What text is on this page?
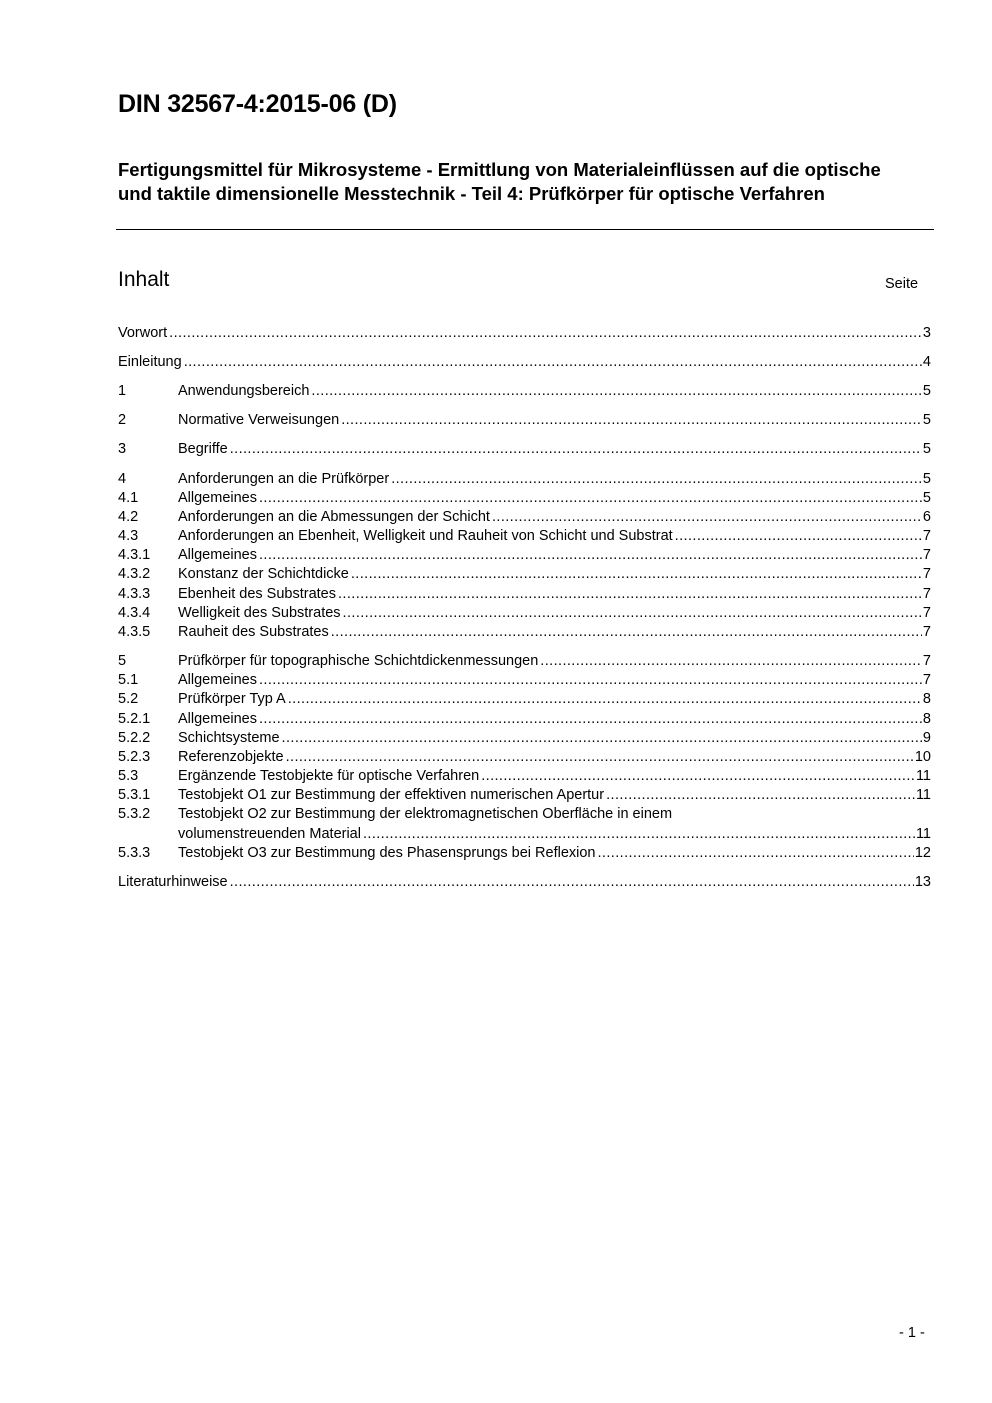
DIN 32567-4:2015-06 (D)
Fertigungsmittel für Mikrosysteme - Ermittlung von Materialeinflüssen auf die optische und taktile dimensionelle Messtechnik - Teil 4: Prüfkörper für optische Verfahren
Inhalt	Seite
Vorwort .....	3
Einleitung .....	4
1	Anwendungsbereich .....	5
2	Normative Verweisungen .....	5
3	Begriffe .....	5
4	Anforderungen an die Prüfkörper .....	5
4.1	Allgemeines .....	5
4.2	Anforderungen an die Abmessungen der Schicht .....	6
4.3	Anforderungen an Ebenheit, Welligkeit und Rauheit von Schicht und Substrat .....	7
4.3.1 Allgemeines .....	7
4.3.2 Konstanz der Schichtdicke .....	7
4.3.3 Ebenheit des Substrates .....	7
4.3.4 Welligkeit des Substrates .....	7
4.3.5 Rauheit des Substrates .....	7
5	Prüfkörper für topographische Schichtdickenmessungen .....	7
5.1	Allgemeines .....	7
5.2	Prüfkörper Typ A .....	8
5.2.1 Allgemeines .....	8
5.2.2 Schichtsysteme .....	9
5.2.3 Referenzobjekte .....	10
5.3	Ergänzende Testobjekte für optische Verfahren .....	11
5.3.1 Testobjekt O1 zur Bestimmung der effektiven numerischen Apertur .....	11
5.3.2 Testobjekt O2 zur Bestimmung der elektromagnetischen Oberfläche in einem
volumenstreuenden Material .....	11
5.3.3 Testobjekt O3 zur Bestimmung des Phasensprungs bei Reflexion .....	12
Literaturhinweise .....	13
- 1 -
